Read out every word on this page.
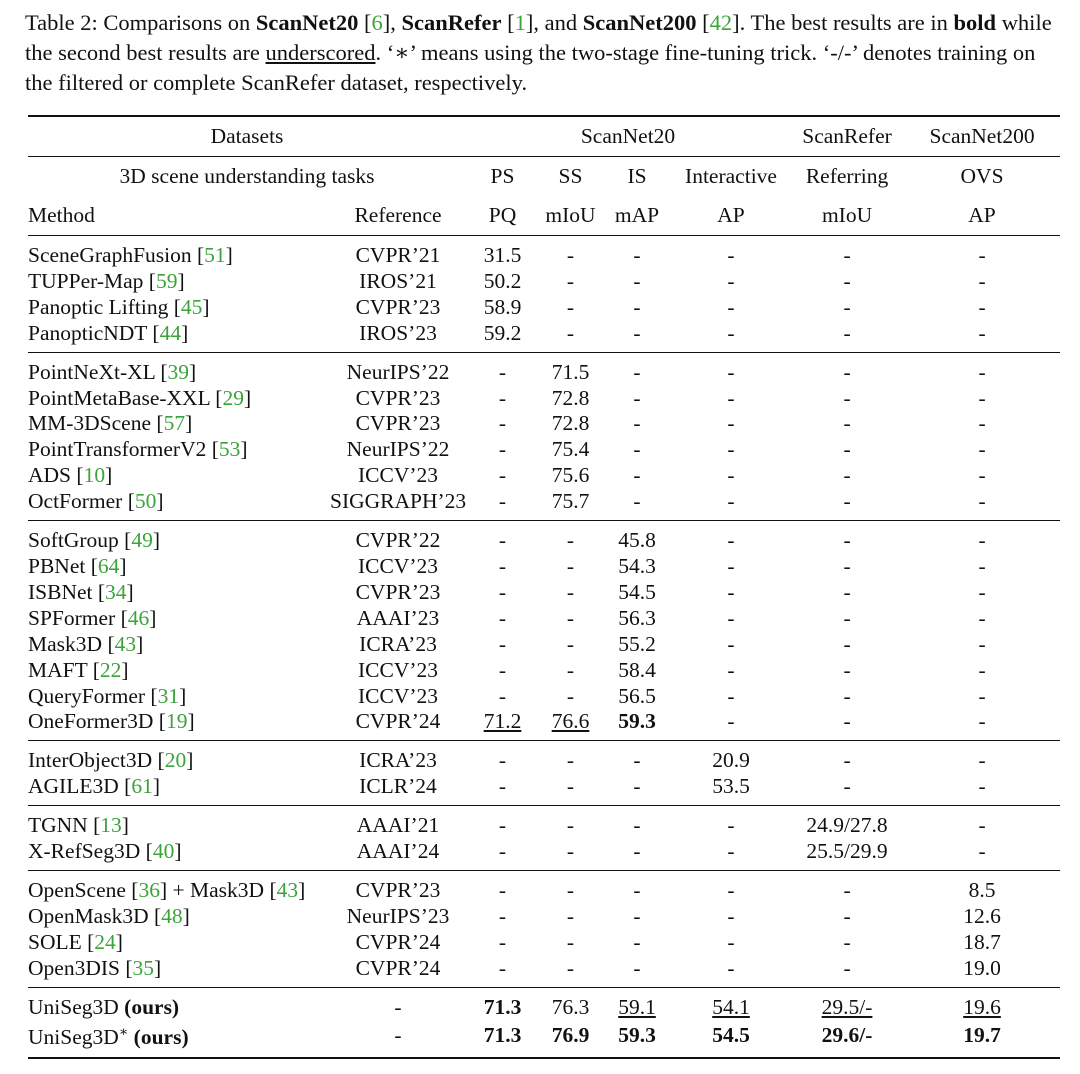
Table 2: Comparisons on ScanNet20 [6], ScanRefer [1], and ScanNet200 [42]. The best results are in bold while the second best results are underscored. ‘∗’ means using the two-stage fine-tuning trick. ‘-/-’ denotes training on the filtered or complete ScanRefer dataset, respectively.
Datasets		ScanNet20				ScanRefer	ScanNet200
3D scene understanding tasks		PS	SS	IS	Interactive	Referring	OVS
Method	Reference	PQ	mIoU	mAP	AP	mIoU	AP
SceneGraphFusion [51]	CVPR’21	31.5	-	-	-	-	-
TUPPer-Map [59]	IROS’21	50.2	-	-	-	-	-
Panoptic Lifting [45]	CVPR’23	58.9	-	-	-	-	-
PanopticNDT [44]	IROS’23	59.2	-	-	-	-	-
PointNeXt-XL [39]	NeurIPS’22	-	71.5	-	-	-	-
PointMetaBase-XXL [29]	CVPR’23	-	72.8	-	-	-	-
MM-3DScene [57]	CVPR’23	-	72.8	-	-	-	-
PointTransformerV2 [53]	NeurIPS’22	-	75.4	-	-	-	-
ADS [10]	ICCV’23	-	75.6	-	-	-	-
OctFormer [50]	SIGGRAPH’23	-	75.7	-	-	-	-
SoftGroup [49]	CVPR’22	-	-	45.8	-	-	-
PBNet [64]	ICCV’23	-	-	54.3	-	-	-
ISBNet [34]	CVPR’23	-	-	54.5	-	-	-
SPFormer [46]	AAAI’23	-	-	56.3	-	-	-
Mask3D [43]	ICRA’23	-	-	55.2	-	-	-
MAFT [22]	ICCV’23	-	-	58.4	-	-	-
QueryFormer [31]	ICCV’23	-	-	56.5	-	-	-
OneFormer3D [19]	CVPR’24	71.2	76.6	59.3	-	-	-
InterObject3D [20]	ICRA’23	-	-	-	20.9	-	-
AGILE3D [61]	ICLR’24	-	-	-	53.5	-	-
TGNN [13]	AAAI’21	-	-	-	-	24.9/27.8	-
X-RefSeg3D [40]	AAAI’24	-	-	-	-	25.5/29.9	-
OpenScene [36] + Mask3D [43]	CVPR’23	-	-	-	-	-	8.5
OpenMask3D [48]	NeurIPS’23	-	-	-	-	-	12.6
SOLE [24]	CVPR’24	-	-	-	-	-	18.7
Open3DIS [35]	CVPR’24	-	-	-	-	-	19.0
UniSeg3D (ours)	-	71.3	76.3	59.1	54.1	29.5/-	19.6
UniSeg3D∗ (ours)	-	71.3	76.9	59.3	54.5	29.6/-	19.7
